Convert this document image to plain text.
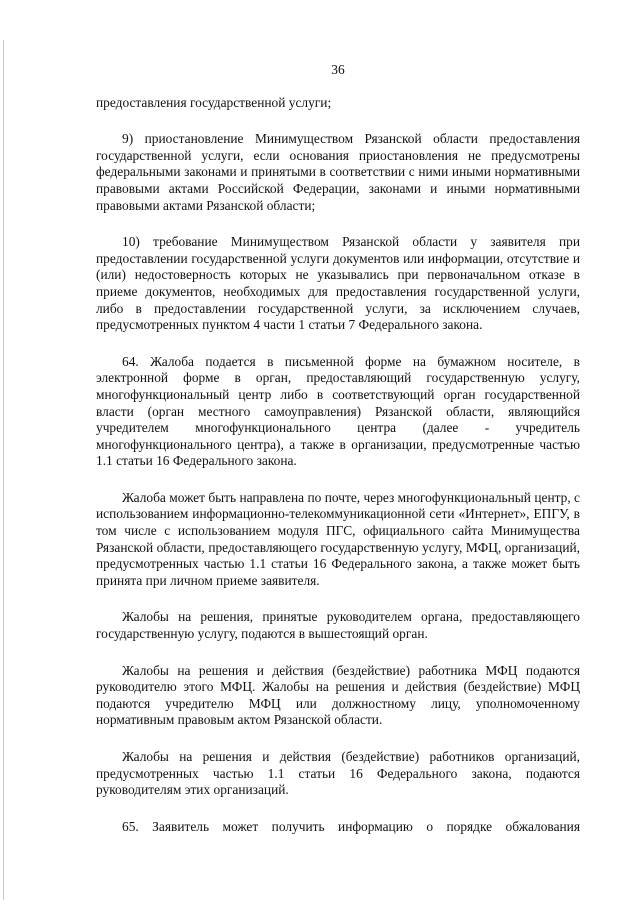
36

предоставления государственной услуги;

9) приостановление Минимуществом Рязанской области предоставления государственной услуги, если основания приостановления не предусмотрены федеральными законами и принятыми в соответствии с ними иными нормативными правовыми актами Российской Федерации, законами и иными нормативными правовыми актами Рязанской области;

10) требование Минимуществом Рязанской области у заявителя при предоставлении государственной услуги документов или информации, отсутствие и (или) недостоверность которых не указывались при первоначальном отказе в приеме документов, необходимых для предоставления государственной услуги, либо в предоставлении государственной услуги, за исключением случаев, предусмотренных пунктом 4 части 1 статьи 7 Федерального закона.

64. Жалоба подается в письменной форме на бумажном носителе, в электронной форме в орган, предоставляющий государственную услугу, многофункциональный центр либо в соответствующий орган государственной власти (орган местного самоуправления) Рязанской области, являющийся учредителем многофункционального центра (далее - учредитель многофункционального центра), а также в организации, предусмотренные частью 1.1 статьи 16 Федерального закона.

Жалоба может быть направлена по почте, через многофункциональный центр, с использованием информационно-телекоммуникационной сети «Интернет», ЕПГУ, в том числе с использованием модуля ПГС, официального сайта Минимущества Рязанской области, предоставляющего государственную услугу, МФЦ, организаций, предусмотренных частью 1.1 статьи 16 Федерального закона, а также может быть принята при личном приеме заявителя.

Жалобы на решения, принятые руководителем органа, предоставляющего государственную услугу, подаются в вышестоящий орган.

Жалобы на решения и действия (бездействие) работника МФЦ подаются руководителю этого МФЦ. Жалобы на решения и действия (бездействие) МФЦ подаются учредителю МФЦ или должностному лицу, уполномоченному нормативным правовым актом Рязанской области.

Жалобы на решения и действия (бездействие) работников организаций, предусмотренных частью 1.1 статьи 16 Федерального закона, подаются руководителям этих организаций.

65. Заявитель может получить информацию о порядке обжалования
